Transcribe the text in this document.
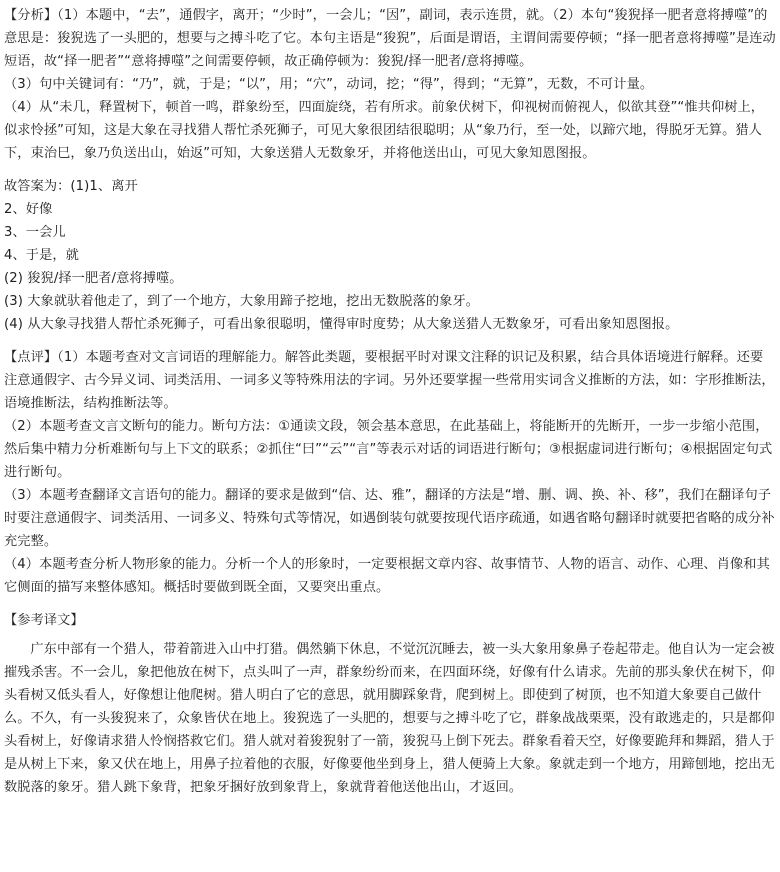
【分析】（1）本题中，“去”，通假字，离开；“少时”，一会儿；“因”，副词，表示连贯，就。（2）本句“狻猊择一肥者意将搏噬”的意思是：狻猊选了一头肥的，想要与之搏斗吃了它。本句主语是“狻猊”，后面是谓语，主谓间需要停顿；“择一肥者意将搏噬”是连动短语，故“择一肥者”“意将搏噬”之间需要停顿，故正确停顿为：狻猊/择一肥者/意将搏噬。

（3）句中关键词有：“乃”，就，于是；“以”，用；“穴”，动词，挖；“得”，得到；“无算”，无数，不可计量。

（4）从“未几，释置树下，顿首一鸣，群象纷至，四面旋绕，若有所求。前象伏树下，仰视树而俯视人，似欲其登”“惟共仰树上，似求怜拯”可知，这是大象在寻找猎人帮忙杀死狮子，可见大象很团结很聪明；从“象乃行，至一处，以蹄穴地，得脱牙无算。猎人下，束治巳，象乃负送出山，始返”可知，大象送猎人无数象牙，并将他送出山，可见大象知恩图报。

故答案为：(1)1、离开

2、好像

3、一会儿

4、于是，就

(2) 狻猊/择一肥者/意将搏噬。

(3) 大象就驮着他走了，到了一个地方，大象用蹄子挖地，挖出无数脱落的象牙。

(4) 从大象寻找猎人帮忙杀死狮子，可看出象很聪明，懂得审时度势；从大象送猎人无数象牙，可看出象知恩图报。

【点评】（1）本题考查对文言词语的理解能力。解答此类题，要根据平时对课文注释的识记及积累，结合具体语境进行解释。还要注意通假字、古今异义词、词类活用、一词多义等特殊用法的字词。另外还要掌握一些常用实词含义推断的方法，如：字形推断法，语境推断法，结构推断法等。

（2）本题考查文言文断句的能力。断句方法：①通读文段，领会基本意思，在此基础上，将能断开的先断开，一步一步缩小范围，然后集中精力分析难断句与上下文的联系；②抓住“曰”“云”“言”等表示对话的词语进行断句；③根据虚词进行断句；④根据固定句式进行断句。

（3）本题考查翻译文言语句的能力。翻译的要求是做到“信、达、雅”，翻译的方法是“增、删、调、换、补、移”，我们在翻译句子时要注意通假字、词类活用、一词多义、特殊句式等情况，如遇倒装句就要按现代语序疏通，如遇省略句翻译时就要把省略的成分补充完整。

（4）本题考查分析人物形象的能力。分析一个人的形象时，一定要根据文章内容、故事情节、人物的语言、动作、心理、肖像和其它侧面的描写来整体感知。概括时要做到既全面，又要突出重点。

【参考译文】

广东中部有一个猎人，带着箭进入山中打猎。偶然躺下休息，不觉沉沉睡去，被一头大象用象鼻子卷起带走。他自认为一定会被摧残杀害。不一会儿，象把他放在树下，点头叫了一声，群象纷纷而来，在四面环绕，好像有什么请求。先前的那头象伏在树下，仰头看树又低头看人，好像想让他爬树。猎人明白了它的意思，就用脚踩象背，爬到树上。即使到了树顶，也不知道大象要自己做什么。不久，有一头狻猊来了，众象皆伏在地上。狻猊选了一头肥的，想要与之搏斗吃了它，群象战战栗栗，没有敢逃走的，只是都仰头看树上，好像请求猎人怜悯搭救它们。猎人就对着狻猊射了一箭，狻猊马上倒下死去。群象看着天空，好像要跪拜和舞蹈，猎人于是从树上下来，象又伏在地上，用鼻子拉着他的衣服，好像要他坐到身上，猎人便骑上大象。象就走到一个地方，用蹄刨地，挖出无数脱落的象牙。猎人跳下象背，把象牙捆好放到象背上，象就背着他送他出山，才返回。
